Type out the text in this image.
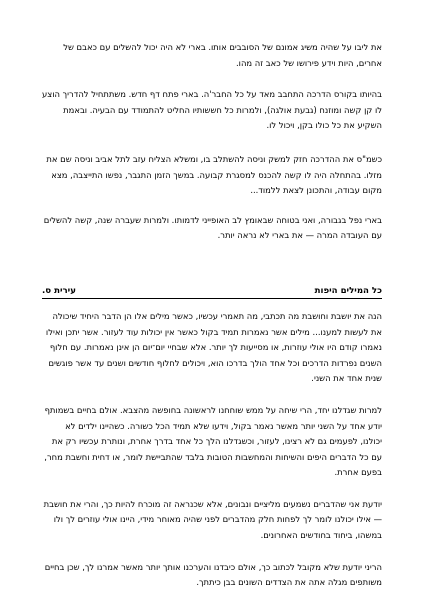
את ליבו על שהיה משיג אמונם של הסובבים אותו. בארי לא היה יכול להשלים עם כאבם של אחרים, היות וידע פירושו של כאב זה מהו.

בהיותו בקורס הדרכה התחבב מאד על כל החבר'ה. בארי פתח דף חדש. משתתחיל להדריך הוצע לו קן קשה ומוזנח (גבעת אולגה), ולמרות כל חששותיו החליט להתמודד עם הבעיה. ובאמת השקיע את כל כולו בקן, ויכול לו.

כשמ"ס את ההדרכה חזק למשק וניסה להשתלב בו, ומשלא הצליח עזב לתל אביב וניסה שם את מזלו. בהתחלה היה לו קשה להכנס למסגרת קבועה. במשך הזמן התגבר, נפשו התייצבה, מצא מקום עבודה, והתכונן לצאת ללמוד...

בארי נפל בגבורה, ואני בטוחה שבאומץ לב האופייני לדמותו. ולמרות שעברה שנה, קשה להשלים עם העובדה המרה — את בארי לא נראה יותר.

כל המילים היפות
עירית ס.

הנה את יושבת וחושבת מה תכתבי, מה תאמרי עכשיו, כאשר מילים אלו הן הדבר היחיד שיכולה את לעשות למענו... מילים אשר נאמרות תמיד בקול כאשר אין יכולות עוד לעזור. אשר יתכן ואילו נאמרו קודם היו אולי עוזרות, או מסייעות לך יותר. אלא שבחיי יום־יום הן אינן נאמרות. עם חלוף השנים נפרדות הדרכים וכל אחד הולך בדרכו הוא, ויכולים לחלוף חודשים ושנים עד אשר פוגשים שנית אחד את השני.

למרות שגדלנו יחד, הרי שיחה על ממש שוחחנו לראשונה בחופשה מהצבא. אולם בחיים בשמותף יודע אחד על השני יותר מאשר נאמר בקול, וידעו שלא תמיד הכל כשורה. כשהיינו ילדים לא יכולנו, לפעמים גם לא רצינו, לעזור, וכשגדלנו הלך כל אחד בדרך אחרת, ונותרת עכשיו רק את עם כל הדברים היפים והשיחות והמחשבות הטובות בלבד שהתביישת לומר, או דחית וחשבת מחר, בפעם אחרת.

יודעת אני שהדברים נשמעים מליציים ונבונים, אלא שכנראה זה מוכרח להיות כך, והרי את חושבת — אילו יכולנו לומר לך לפחות חלק מהדברים לפני שהיה מאוחר מידי, היינו אולי עוזרים לך ולו במשהו, ביחוד בחודשים האחרונים.

הריני יודעת שלא מקובל לכתוב כך, אולם כיבדנו והערכנו אותך יותר מאשר אמרנו לך, שכן בחיים משותפים מגלה אתה את הצדדים השונים בבן כיתתך.
